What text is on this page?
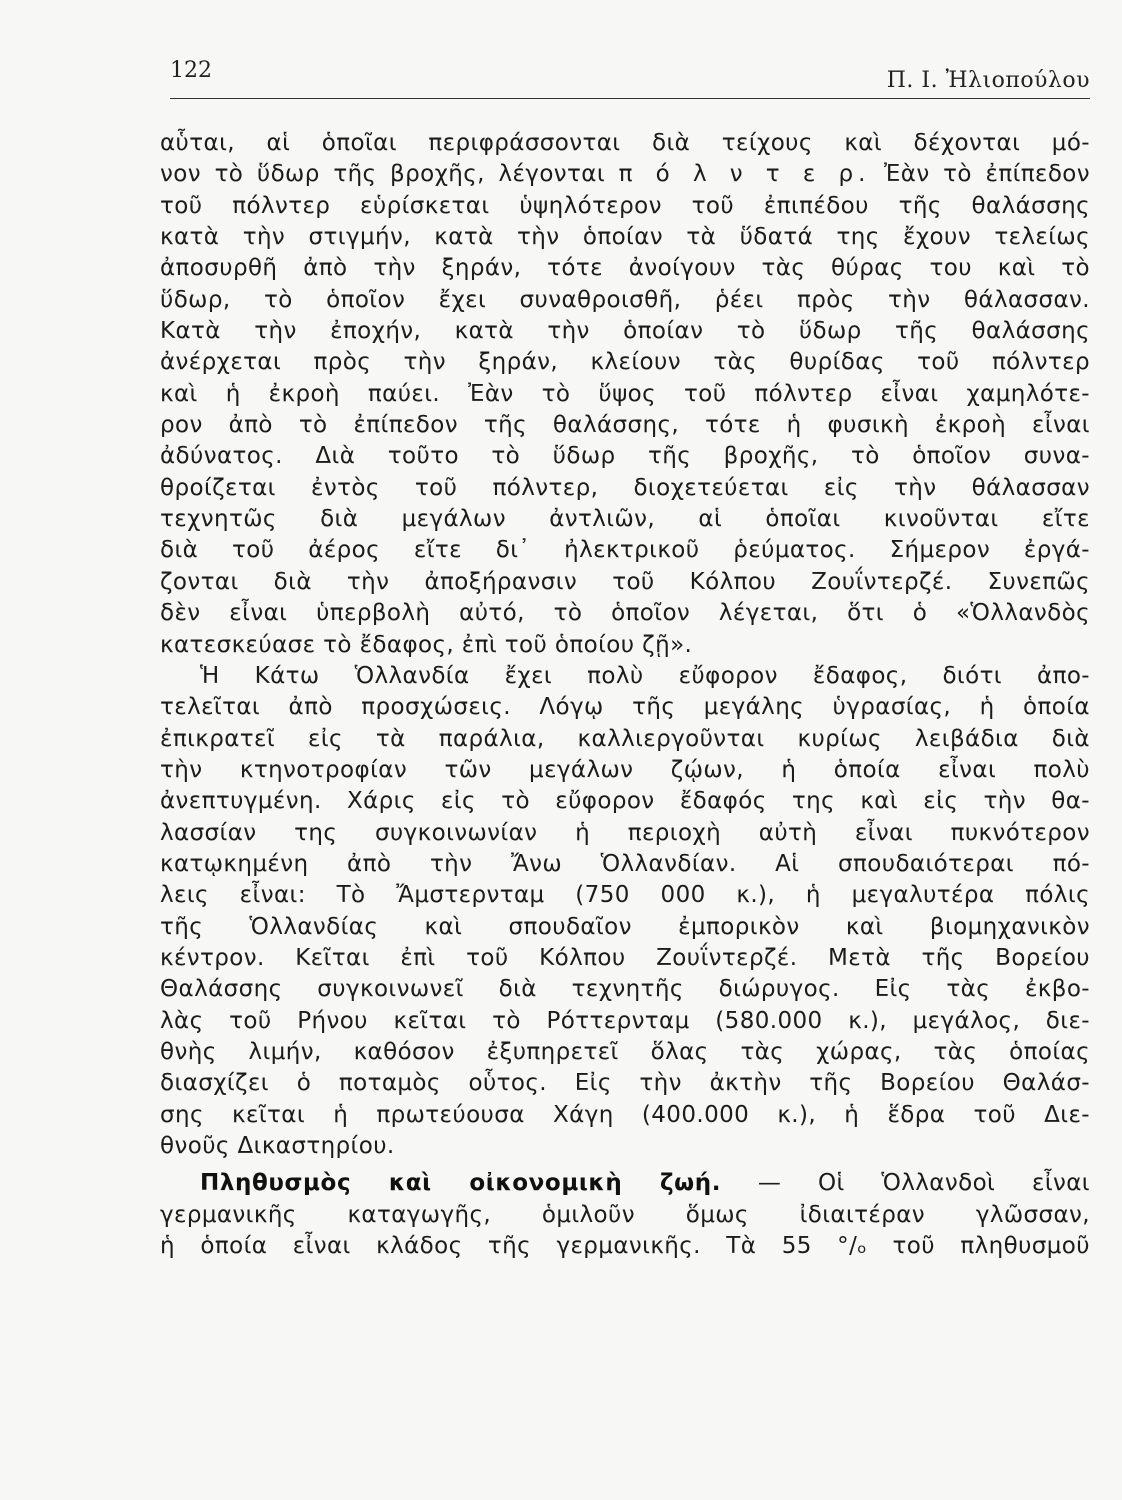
122	Π. Ι. Ἠλιοπούλου
αὗται, αἱ ὁποῖαι περιφράσσονται διὰ τείχους καὶ δέχονται μό-
νον τὸ ὕδωρ τῆς βροχῆς, λέγονται π ό λ ν τ ε ρ. Ἐὰν τὸ ἐπίπεδον
τοῦ πόλντερ εὑρίσκεται ὑψηλότερον τοῦ ἐπιπέδου τῆς θαλάσσης
κατὰ τὴν στιγμήν, κατὰ τὴν ὁποίαν τὰ ὕδατά της ἔχουν τελείως
ἀποσυρθῆ ἀπὸ τὴν ξηράν, τότε ἀνοίγουν τὰς θύρας του καὶ τὸ
ὕδωρ, τὸ ὁποῖον ἔχει συναθροισθῆ, ῥέει πρὸς τὴν θάλασσαν.
Κατὰ τὴν ἐποχήν, κατὰ τὴν ὁποίαν τὸ ὕδωρ τῆς θαλάσσης
ἀνέρχεται πρὸς τὴν ξηράν, κλείουν τὰς θυρίδας τοῦ πόλντερ
καὶ ἡ ἐκροὴ παύει. Ἐὰν τὸ ὕψος τοῦ πόλντερ εἶναι χαμηλότε-
ρον ἀπὸ τὸ ἐπίπεδον τῆς θαλάσσης, τότε ἡ φυσικὴ ἐκροὴ εἶναι
ἀδύνατος. Διὰ τοῦτο τὸ ὕδωρ τῆς βροχῆς, τὸ ὁποῖον συνα-
θροίζεται ἐντὸς τοῦ πόλντερ, διοχετεύεται εἰς τὴν θάλασσαν
τεχνητῶς διὰ μεγάλων ἀντλιῶν, αἱ ὁποῖαι κινοῦνται εἴτε
διὰ τοῦ ἀέρος εἴτε δι᾿ ἠλεκτρικοῦ ῥεύματος. Σήμερον ἐργά-
ζονται διὰ τὴν ἀποξήρανσιν τοῦ Κόλπου Ζουΐντερζέ. Συνεπῶς
δὲν εἶναι ὑπερβολὴ αὐτό, τὸ ὁποῖον λέγεται, ὅτι ὁ «Ὁλλανδὸς
κατεσκεύασε τὸ ἔδαφος, ἐπὶ τοῦ ὁποίου ζῇ».
Ἡ Κάτω Ὁλλανδία ἔχει πολὺ εὔφορον ἔδαφος, διότι ἀπο-
τελεῖται ἀπὸ προσχώσεις. Λόγῳ τῆς μεγάλης ὑγρασίας, ἡ ὁποία
ἐπικρατεῖ εἰς τὰ παράλια, καλλιεργοῦνται κυρίως λειβάδια διὰ
τὴν κτηνοτροφίαν τῶν μεγάλων ζῴων, ἡ ὁποία εἶναι πολὺ
ἀνεπτυγμένη. Χάρις εἰς τὸ εὔφορον ἔδαφός της καὶ εἰς τὴν θα-
λασσίαν της συγκοινωνίαν ἡ περιοχὴ αὐτὴ εἶναι πυκνότερον
κατῳκημένη ἀπὸ τὴν Ἄνω Ὁλλανδίαν. Αἱ σπουδαιότεραι πό-
λεις εἶναι: Τὸ Ἄμστερνταμ (750 000 κ.), ἡ μεγαλυτέρα πόλις
τῆς Ὁλλανδίας καὶ σπουδαῖον ἐμπορικὸν καὶ βιομηχανικὸν
κέντρον. Κεῖται ἐπὶ τοῦ Κόλπου Ζουΐντερζέ. Μετὰ τῆς Βορείου
Θαλάσσης συγκοινωνεῖ διὰ τεχνητῆς διώρυγος. Εἰς τὰς ἐκβο-
λὰς τοῦ Ρήνου κεῖται τὸ Ρόττερνταμ (580.000 κ.), μεγάλος, διε-
θνὴς λιμήν, καθόσον ἐξυπηρετεῖ ὅλας τὰς χώρας, τὰς ὁποίας
διασχίζει ὁ ποταμὸς οὗτος. Εἰς τὴν ἀκτὴν τῆς Βορείου Θαλάσ-
σης κεῖται ἡ πρωτεύουσα Χάγη (400.000 κ.), ἡ ἕδρα τοῦ Διε-
θνοῦς Δικαστηρίου.
Πληθυσμὸς καὶ οἰκονομικὴ ζωή. — Οἱ Ὁλλανδοὶ εἶναι
γερμανικῆς καταγωγῆς, ὁμιλοῦν ὅμως ἰδιαιτέραν γλῶσσαν,
ἡ ὁποία εἶναι κλάδος τῆς γερμανικῆς. Τὰ 55 °/ₒ τοῦ πληθυσμοῦ
